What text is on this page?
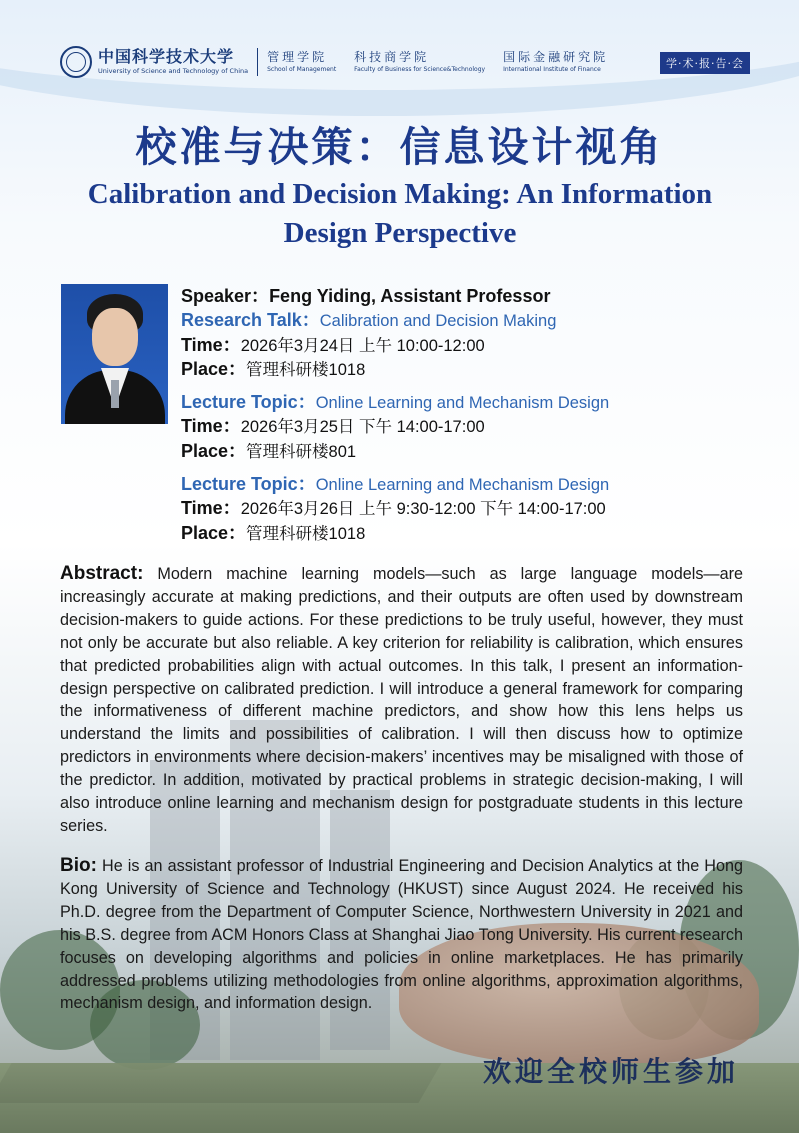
中国科学技术大学
University of Science and Technology of China
管理学院
School of Management
科技商学院
Faculty of Business for Science&Technology
国际金融研究院
International Institute of Finance	学·术·报·告·会
校准与决策：信息设计视角
Calibration and Decision Making: An Information Design Perspective
Speaker：Feng Yiding, Assistant Professor
Research Talk：Calibration and Decision Making
Time：2026年3月24日 上午 10:00-12:00
Place：管理科研楼1018
Lecture Topic：Online Learning and Mechanism Design
Time：2026年3月25日 下午 14:00-17:00
Place：管理科研楼801
Lecture Topic：Online Learning and Mechanism Design
Time：2026年3月26日 上午 9:30-12:00 下午 14:00-17:00
Place：管理科研楼1018
Abstract: Modern machine learning models—such as large language models—are increasingly accurate at making predictions, and their outputs are often used by downstream decision-makers to guide actions. For these predictions to be truly useful, however, they must not only be accurate but also reliable. A key criterion for reliability is calibration, which ensures that predicted probabilities align with actual outcomes. In this talk, I present an information-design perspective on calibrated prediction. I will introduce a general framework for comparing the informativeness of different machine predictors, and show how this lens helps us understand the limits and possibilities of calibration. I will then discuss how to optimize predictors in environments where decision-makers’ incentives may be misaligned with those of the predictor. In addition, motivated by practical problems in strategic decision-making, I will also introduce online learning and mechanism design for postgraduate students in this lecture series.
Bio: He is an assistant professor of Industrial Engineering and Decision Analytics at the Hong Kong University of Science and Technology (HKUST) since August 2024. He received his Ph.D. degree from the Department of Computer Science, Northwestern University in 2021 and his B.S. degree from ACM Honors Class at Shanghai Jiao Tong University. His current research focuses on developing algorithms and policies in online marketplaces. He has primarily addressed problems utilizing methodologies from online algorithms, approximation algorithms, mechanism design, and information design.
欢迎全校师生参加
